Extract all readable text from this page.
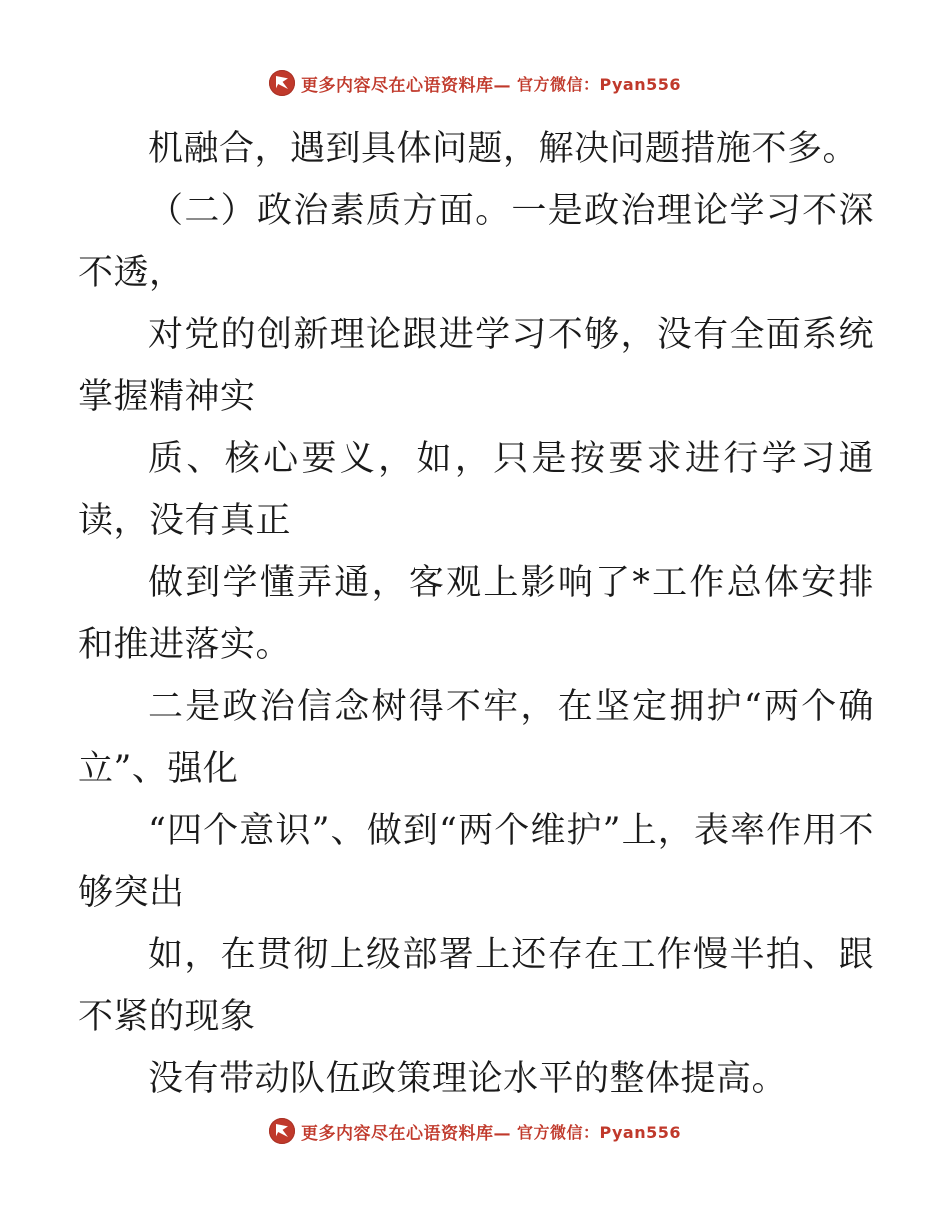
更多内容尽在心语资料库— 官方微信：Pyan556

机融合，遇到具体问题，解决问题措施不多。

（二）政治素质方面。一是政治理论学习不深不透，

对党的创新理论跟进学习不够，没有全面系统掌握精神实

质、核心要义，如，只是按要求进行学习通读，没有真正

做到学懂弄通，客观上影响了*工作总体安排和推进落实。

二是政治信念树得不牢，在坚定拥护“两个确立”、强化

“四个意识”、做到“两个维护”上，表率作用不够突出

如，在贯彻上级部署上还存在工作慢半拍、跟不紧的现象

没有带动队伍政策理论水平的整体提高。

更多内容尽在心语资料库— 官方微信：Pyan556
